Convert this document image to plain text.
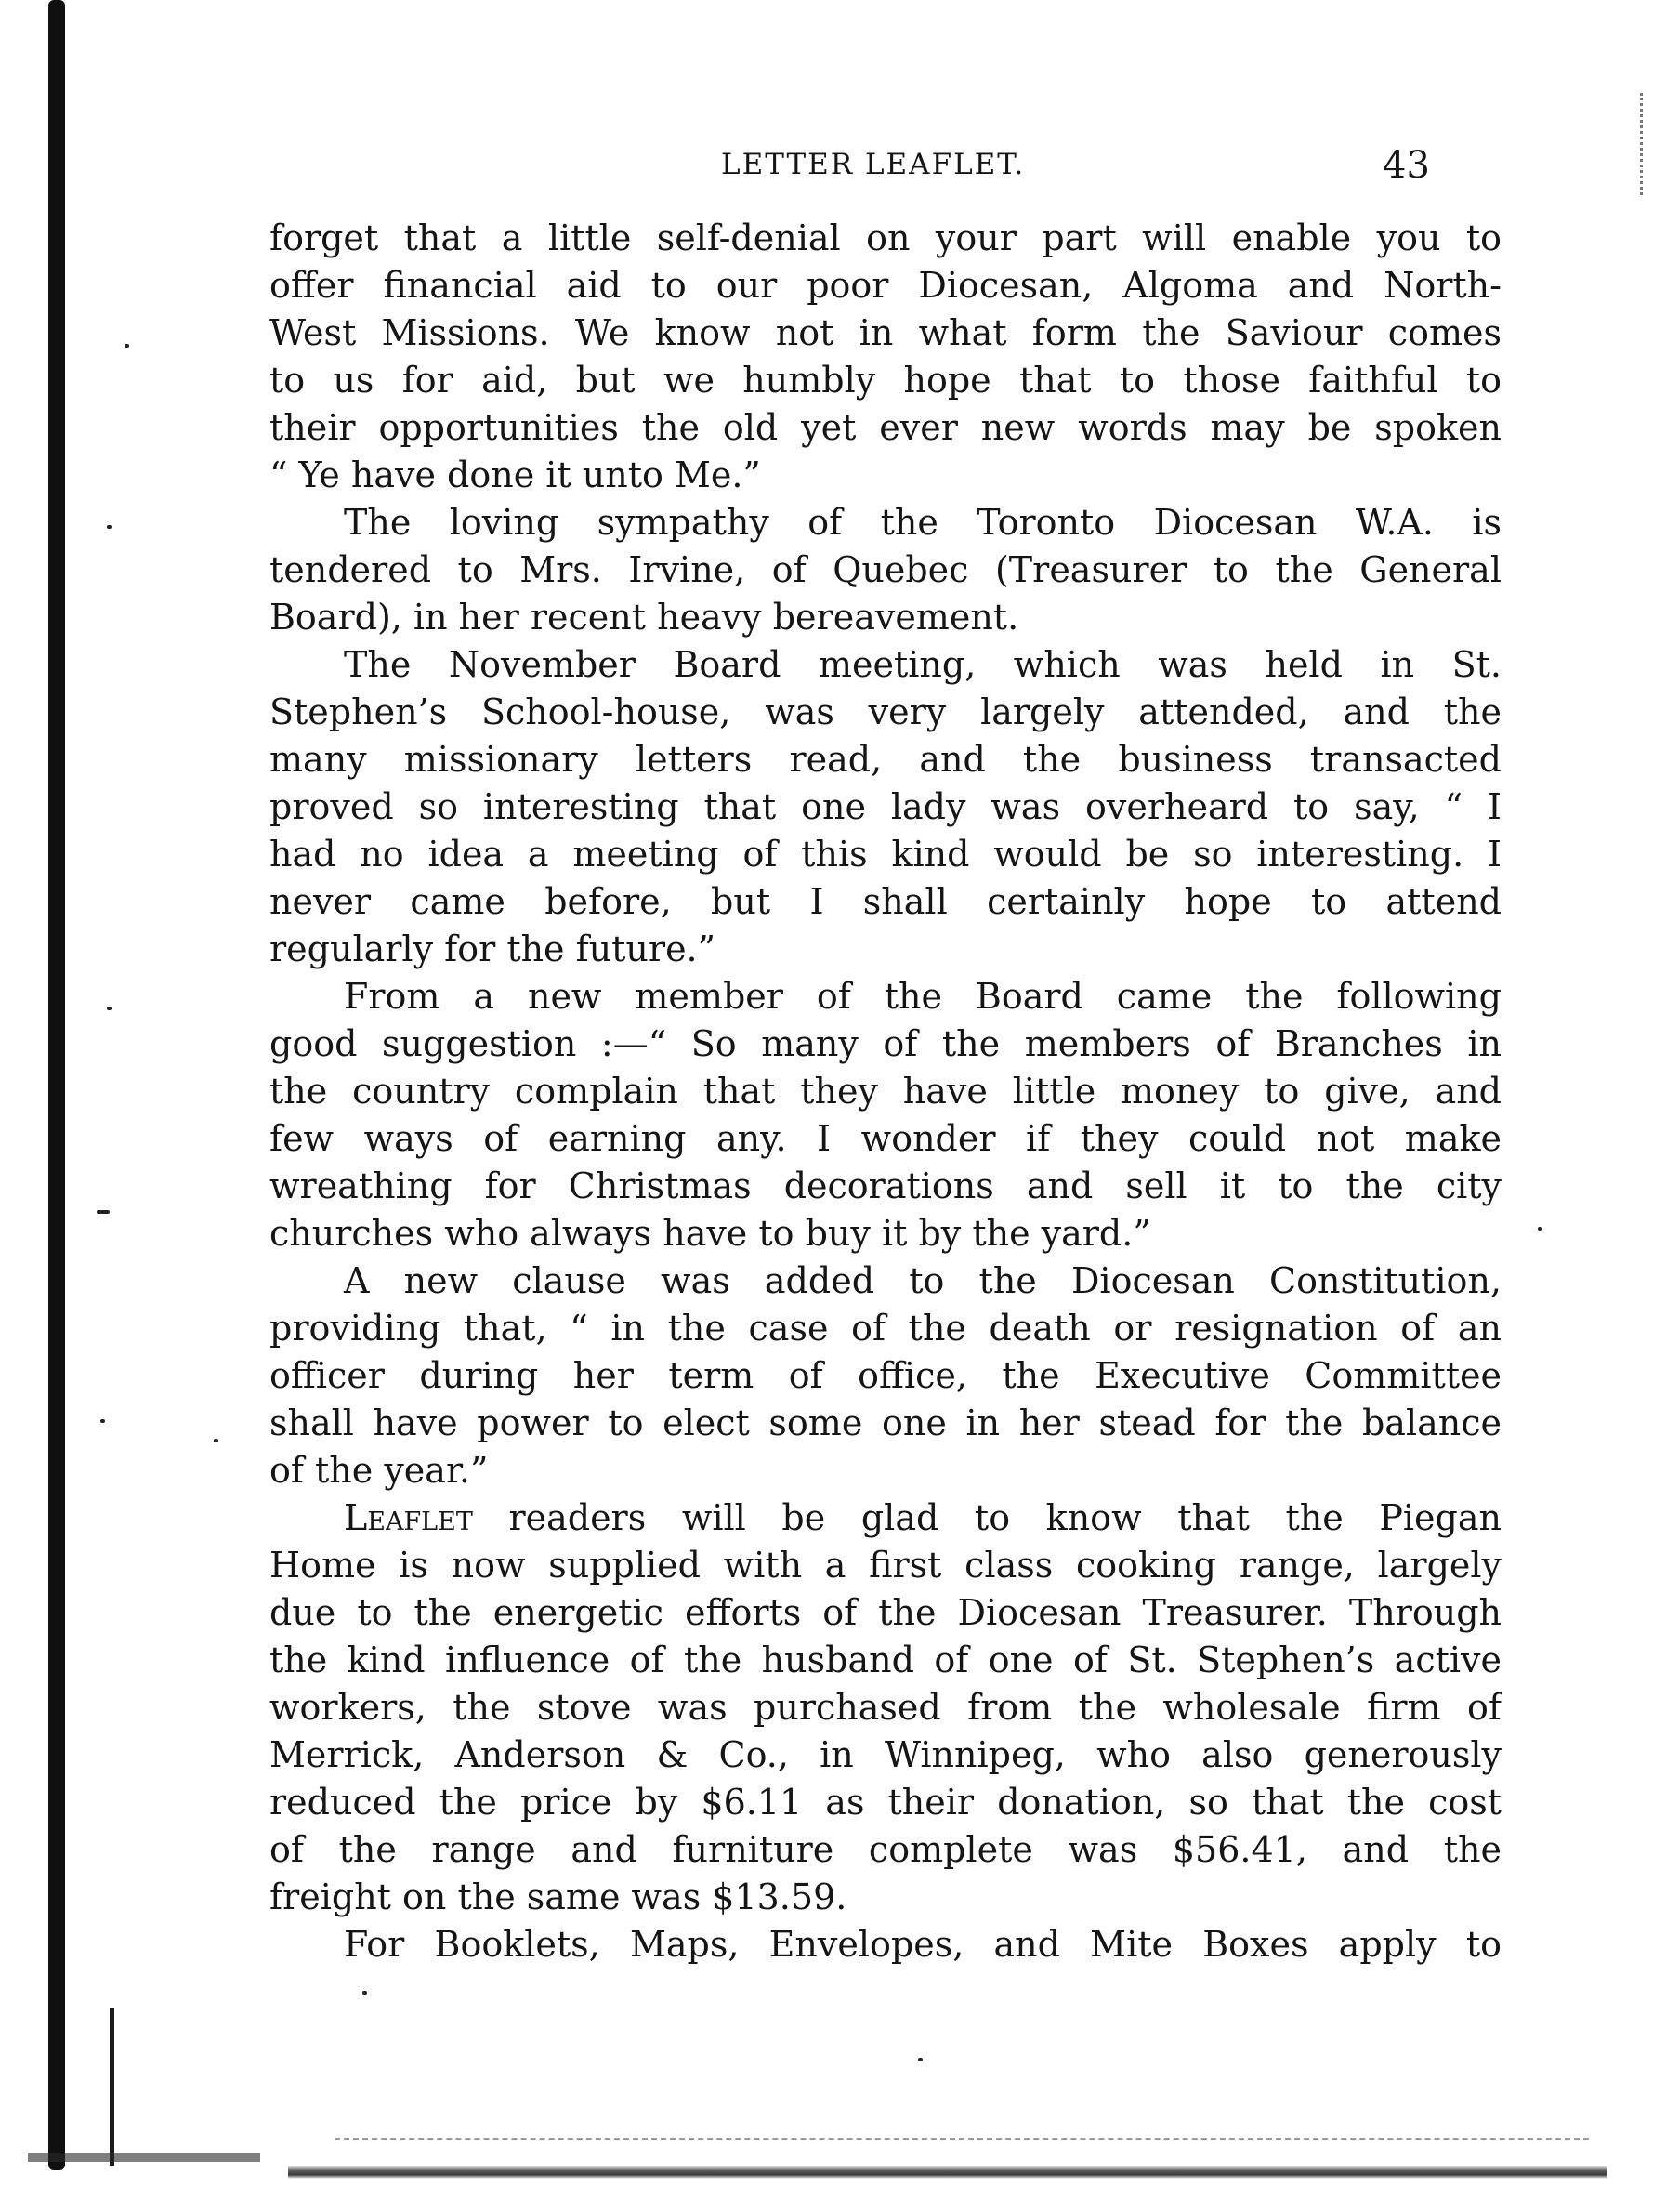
LETTER LEAFLET.	43
forget that a little self-denial on your part will enable you to
offer financial aid to our poor Diocesan, Algoma and North-
West Missions. We know not in what form the Saviour comes
to us for aid, but we humbly hope that to those faithful to
their opportunities the old yet ever new words may be spoken
“ Ye have done it unto Me.”
The loving sympathy of the Toronto Diocesan W.A. is
tendered to Mrs. Irvine, of Quebec (Treasurer to the General
Board), in her recent heavy bereavement.
The November Board meeting, which was held in St.
Stephen’s School-house, was very largely attended, and the
many missionary letters read, and the business transacted
proved so interesting that one lady was overheard to say, “ I
had no idea a meeting of this kind would be so interesting. I
never came before, but I shall certainly hope to attend
regularly for the future.”
From a new member of the Board came the following
good suggestion :—“ So many of the members of Branches in
the country complain that they have little money to give, and
few ways of earning any. I wonder if they could not make
wreathing for Christmas decorations and sell it to the city
churches who always have to buy it by the yard.”
A new clause was added to the Diocesan Constitution,
providing that, “ in the case of the death or resignation of an
officer during her term of office, the Executive Committee
shall have power to elect some one in her stead for the balance
of the year.”
Leaflet readers will be glad to know that the Piegan
Home is now supplied with a first class cooking range, largely
due to the energetic efforts of the Diocesan Treasurer. Through
the kind influence of the husband of one of St. Stephen’s active
workers, the stove was purchased from the wholesale firm of
Merrick, Anderson & Co., in Winnipeg, who also generously
reduced the price by $6.11 as their donation, so that the cost
of the range and furniture complete was $56.41, and the
freight on the same was $13.59.
For Booklets, Maps, Envelopes, and Mite Boxes apply to
